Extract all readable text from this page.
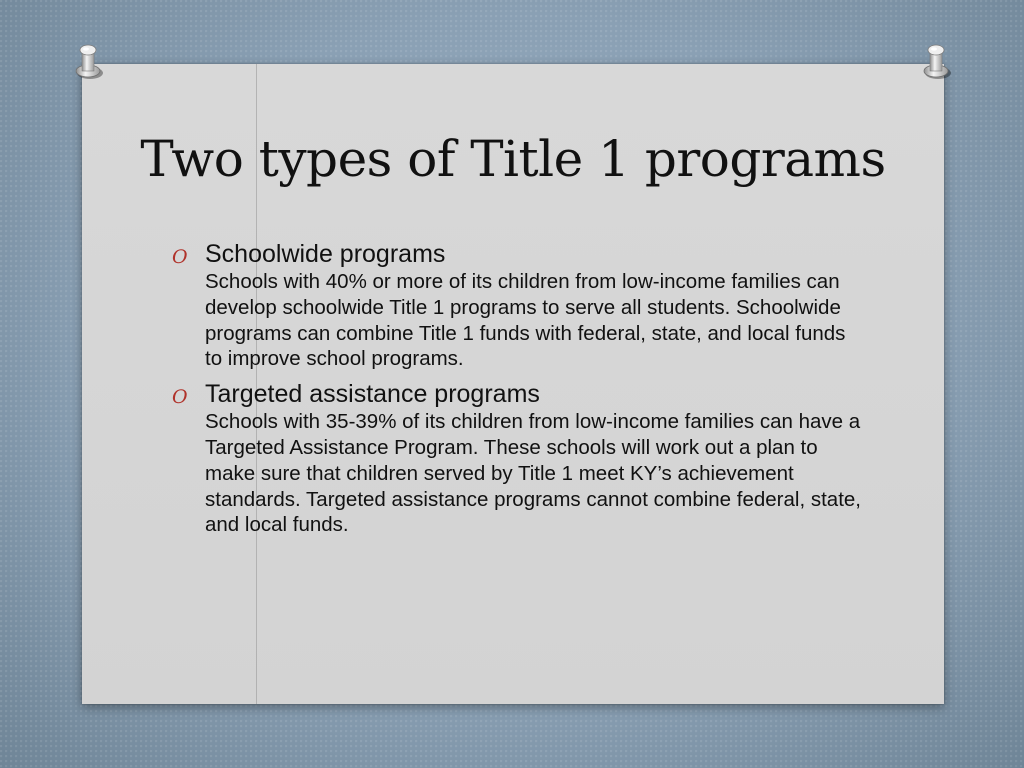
Two types of Title 1 programs
O Schoolwide programs
Schools with 40% or more of its children from low-income families can develop schoolwide Title 1 programs to serve all students. Schoolwide programs can combine Title 1 funds with federal, state, and local funds to improve school programs.
O Targeted assistance programs
Schools with 35-39% of its children from low-income families can have a Targeted Assistance Program. These schools will work out a plan to make sure that children served by Title 1 meet KY’s achievement standards. Targeted assistance programs cannot combine federal, state, and local funds.
